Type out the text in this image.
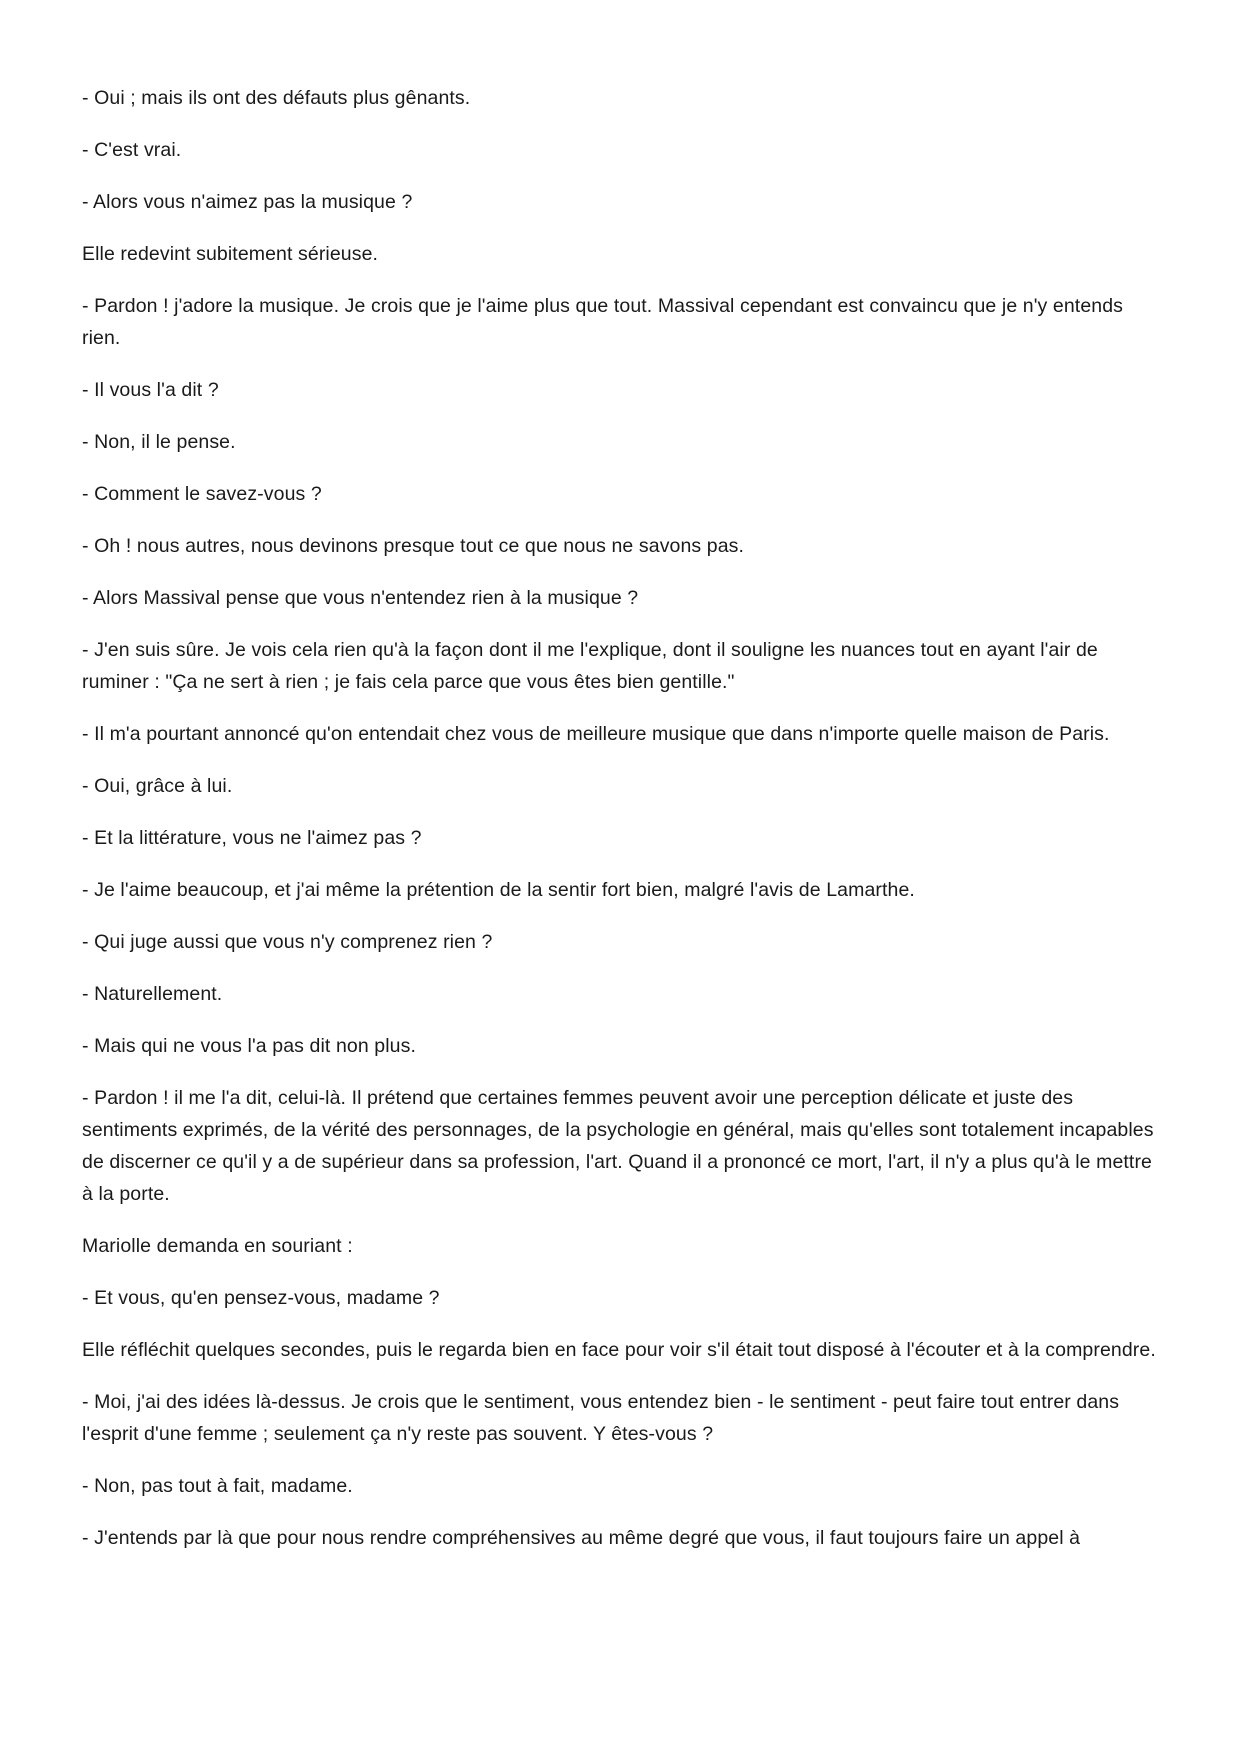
- Oui ; mais ils ont des défauts plus gênants.

- C'est vrai.

- Alors vous n'aimez pas la musique ?

Elle redevint subitement sérieuse.

- Pardon ! j'adore la musique. Je crois que je l'aime plus que tout. Massival cependant est convaincu que je n'y entends rien.

- Il vous l'a dit ?

- Non, il le pense.

- Comment le savez-vous ?

- Oh ! nous autres, nous devinons presque tout ce que nous ne savons pas.

- Alors Massival pense que vous n'entendez rien à la musique ?

- J'en suis sûre. Je vois cela rien qu'à la façon dont il me l'explique, dont il souligne les nuances tout en ayant l'air de ruminer : "Ça ne sert à rien ; je fais cela parce que vous êtes bien gentille."

- Il m'a pourtant annoncé qu'on entendait chez vous de meilleure musique que dans n'importe quelle maison de Paris.

- Oui, grâce à lui.

- Et la littérature, vous ne l'aimez pas ?

- Je l'aime beaucoup, et j'ai même la prétention de la sentir fort bien, malgré l'avis de Lamarthe.

- Qui juge aussi que vous n'y comprenez rien ?

- Naturellement.

- Mais qui ne vous l'a pas dit non plus.

- Pardon ! il me l'a dit, celui-là. Il prétend que certaines femmes peuvent avoir une perception délicate et juste des sentiments exprimés, de la vérité des personnages, de la psychologie en général, mais qu'elles sont totalement incapables de discerner ce qu'il y a de supérieur dans sa profession, l'art. Quand il a prononcé ce mort, l'art, il n'y a plus qu'à le mettre à la porte.

Mariolle demanda en souriant :

- Et vous, qu'en pensez-vous, madame ?

Elle réfléchit quelques secondes, puis le regarda bien en face pour voir s'il était tout disposé à l'écouter et à la comprendre.

- Moi, j'ai des idées là-dessus. Je crois que le sentiment, vous entendez bien - le sentiment - peut faire tout entrer dans l'esprit d'une femme ; seulement ça n'y reste pas souvent. Y êtes-vous ?

- Non, pas tout à fait, madame.

- J'entends par là que pour nous rendre compréhensives au même degré que vous, il faut toujours faire un appel à
